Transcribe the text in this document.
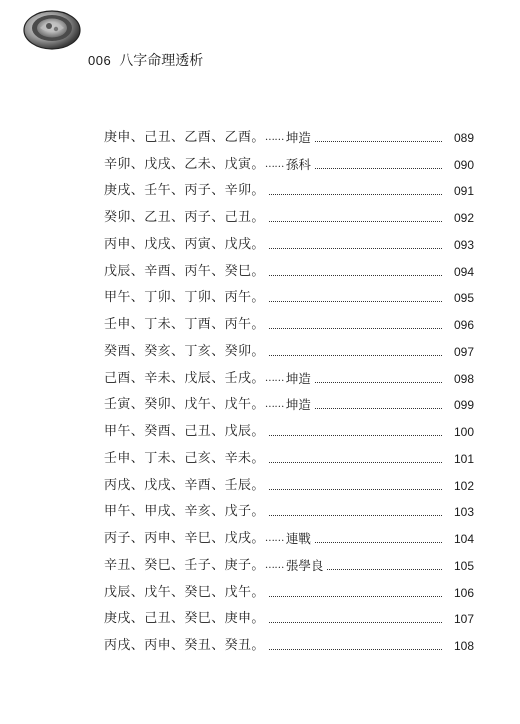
006 八字命理透析
庚申、己丑、乙酉、乙酉。 …… 坤造	089
辛卯、戊戌、乙未、戊寅。 …… 孫科	090
庚戌、壬午、丙子、辛卯。	091
癸卯、乙丑、丙子、己丑。	092
丙申、戊戌、丙寅、戊戌。	093
戊辰、辛酉、丙午、癸巳。	094
甲午、丁卯、丁卯、丙午。	095
壬申、丁未、丁酉、丙午。	096
癸酉、癸亥、丁亥、癸卯。	097
己酉、辛未、戊辰、壬戌。 …… 坤造	098
壬寅、癸卯、戊午、戊午。 …… 坤造	099
甲午、癸酉、己丑、戊辰。	100
壬申、丁未、己亥、辛未。	101
丙戌、戊戌、辛酉、壬辰。	102
甲午、甲戌、辛亥、戊子。	103
丙子、丙申、辛巳、戊戌。 …… 連戰	104
辛丑、癸巳、壬子、庚子。 …… 張學良	105
戊辰、戊午、癸巳、戊午。	106
庚戌、己丑、癸巳、庚申。	107
丙戌、丙申、癸丑、癸丑。	108
